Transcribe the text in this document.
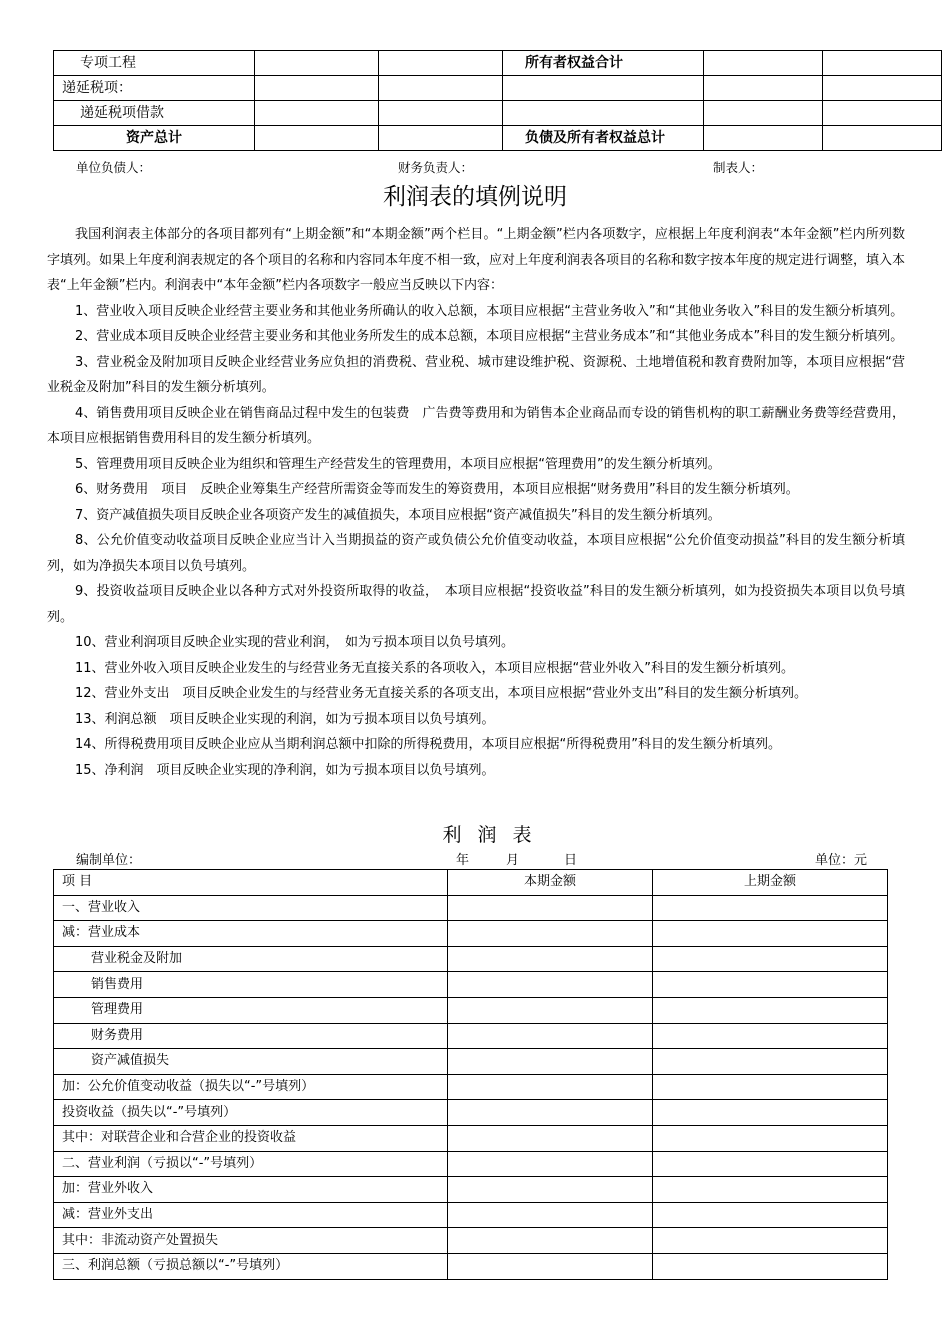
专项工程			所有者权益合计		
递延税项：					
递延税项借款					
资产总计			负债及所有者权益总计		
单位负债人：	财务负责人：	制表人：
利润表的填例说明

我国利润表主体部分的各项目都列有“上期金额”和“本期金额”两个栏目。“上期金额”栏内各项数字，应根据上年度利润表“本年金额”栏内所列数字填列。如果上年度利润表规定的各个项目的名称和内容同本年度不相一致，应对上年度利润表各项目的名称和数字按本年度的规定进行调整，填入本表“上年金额”栏内。利润表中“本年金额”栏内各项数字一般应当反映以下内容：

1、营业收入项目反映企业经营主要业务和其他业务所确认的收入总额，本项目应根据“主营业务收入”和“其他业务收入”科目的发生额分析填列。

2、营业成本项目反映企业经营主要业务和其他业务所发生的成本总额，本项目应根据“主营业务成本”和“其他业务成本”科目的发生额分析填列。

3、营业税金及附加项目反映企业经营业务应负担的消费税、营业税、城市建设维护税、资源税、土地增值税和教育费附加等，本项目应根据“营业税金及附加”科目的发生额分析填列。

4、销售费用项目反映企业在销售商品过程中发生的包装费　广告费等费用和为销售本企业商品而专设的销售机构的职工薪酬业务费等经营费用，本项目应根据销售费用科目的发生额分析填列。

5、管理费用项目反映企业为组织和管理生产经营发生的管理费用，本项目应根据“管理费用”的发生额分析填列。

6、财务费用　项目　反映企业筹集生产经营所需资金等而发生的筹资费用，本项目应根据“财务费用”科目的发生额分析填列。

7、资产减值损失项目反映企业各项资产发生的减值损失，本项目应根据“资产减值损失”科目的发生额分析填列。

8、公允价值变动收益项目反映企业应当计入当期损益的资产或负债公允价值变动收益，本项目应根据“公允价值变动损益”科目的发生额分析填列，如为净损失本项目以负号填列。

9、投资收益项目反映企业以各种方式对外投资所取得的收益，　本项目应根据“投资收益”科目的发生额分析填列，如为投资损失本项目以负号填列。

10、营业利润项目反映企业实现的营业利润，　如为亏损本项目以负号填列。

11、营业外收入项目反映企业发生的与经营业务无直接关系的各项收入，本项目应根据“营业外收入”科目的发生额分析填列。

12、营业外支出　项目反映企业发生的与经营业务无直接关系的各项支出，本项目应根据“营业外支出”科目的发生额分析填列。

13、利润总额　项目反映企业实现的利润，如为亏损本项目以负号填列。

14、所得税费用项目反映企业应从当期利润总额中扣除的所得税费用，本项目应根据“所得税费用”科目的发生额分析填列。

15、净利润　项目反映企业实现的净利润，如为亏损本项目以负号填列。

利润表
编制单位：	年	月	日	单位：元
项 目	本期金额	上期金额
一、营业收入		
减：营业成本		
营业税金及附加		
销售费用		
管理费用		
财务费用		
资产减值损失		
加：公允价值变动收益（损失以“-”号填列）		
投资收益（损失以“-”号填列）		
其中：对联营企业和合营企业的投资收益		
二、营业利润（亏损以“-”号填列）		
加：营业外收入		
减：营业外支出		
其中：非流动资产处置损失		
三、利润总额（亏损总额以“-”号填列）		
